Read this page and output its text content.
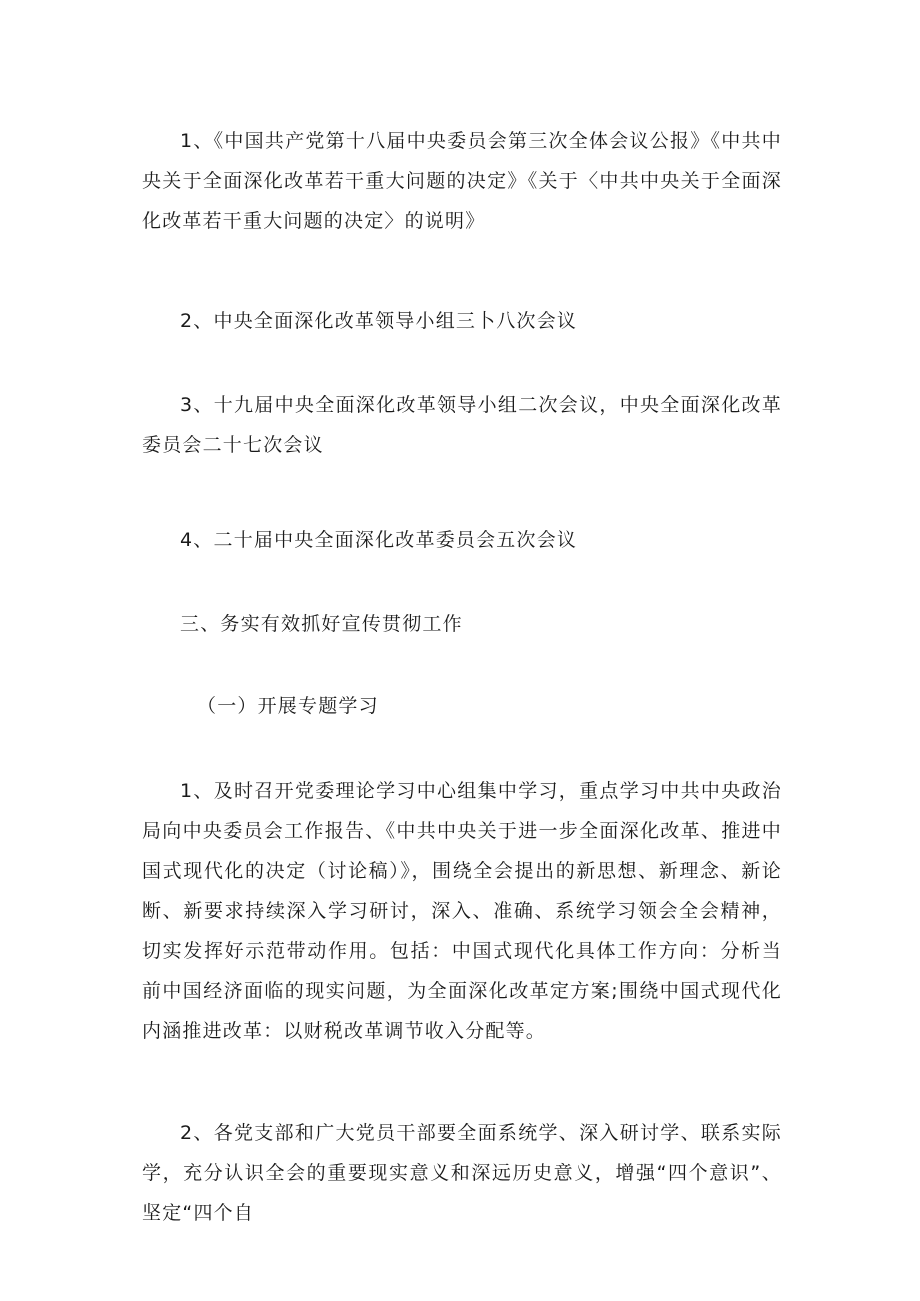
1、《中国共产党第十八届中央委员会第三次全体会议公报》《中共中央关于全面深化改革若干重大问题的决定》《关于〈中共中央关于全面深化改革若干重大问题的决定〉的说明》

2、中央全面深化改革领导小组三卜八次会议

3、十九届中央全面深化改革领导小组二次会议，中央全面深化改革委员会二十七次会议

4、二十届中央全面深化改革委员会五次会议

三、务实有效抓好宣传贯彻工作

（一）开展专题学习

1、及时召开党委理论学习中心组集中学习，重点学习中共中央政治局向中央委员会工作报告、《中共中央关于进一步全面深化改革、推进中国式现代化的决定（讨论稿）》，围绕全会提出的新思想、新理念、新论断、新要求持续深入学习研讨，深入、准确、系统学习领会全会精神，切实发挥好示范带动作用。包括：中国式现代化具体工作方向：分析当前中国经济面临的现实问题，为全面深化改革定方案;围绕中国式现代化内涵推进改革：以财税改革调节收入分配等。

2、各党支部和广大党员干部要全面系统学、深入研讨学、联系实际学，充分认识全会的重要现实意义和深远历史意义，增强“四个意识”、坚定“四个自
